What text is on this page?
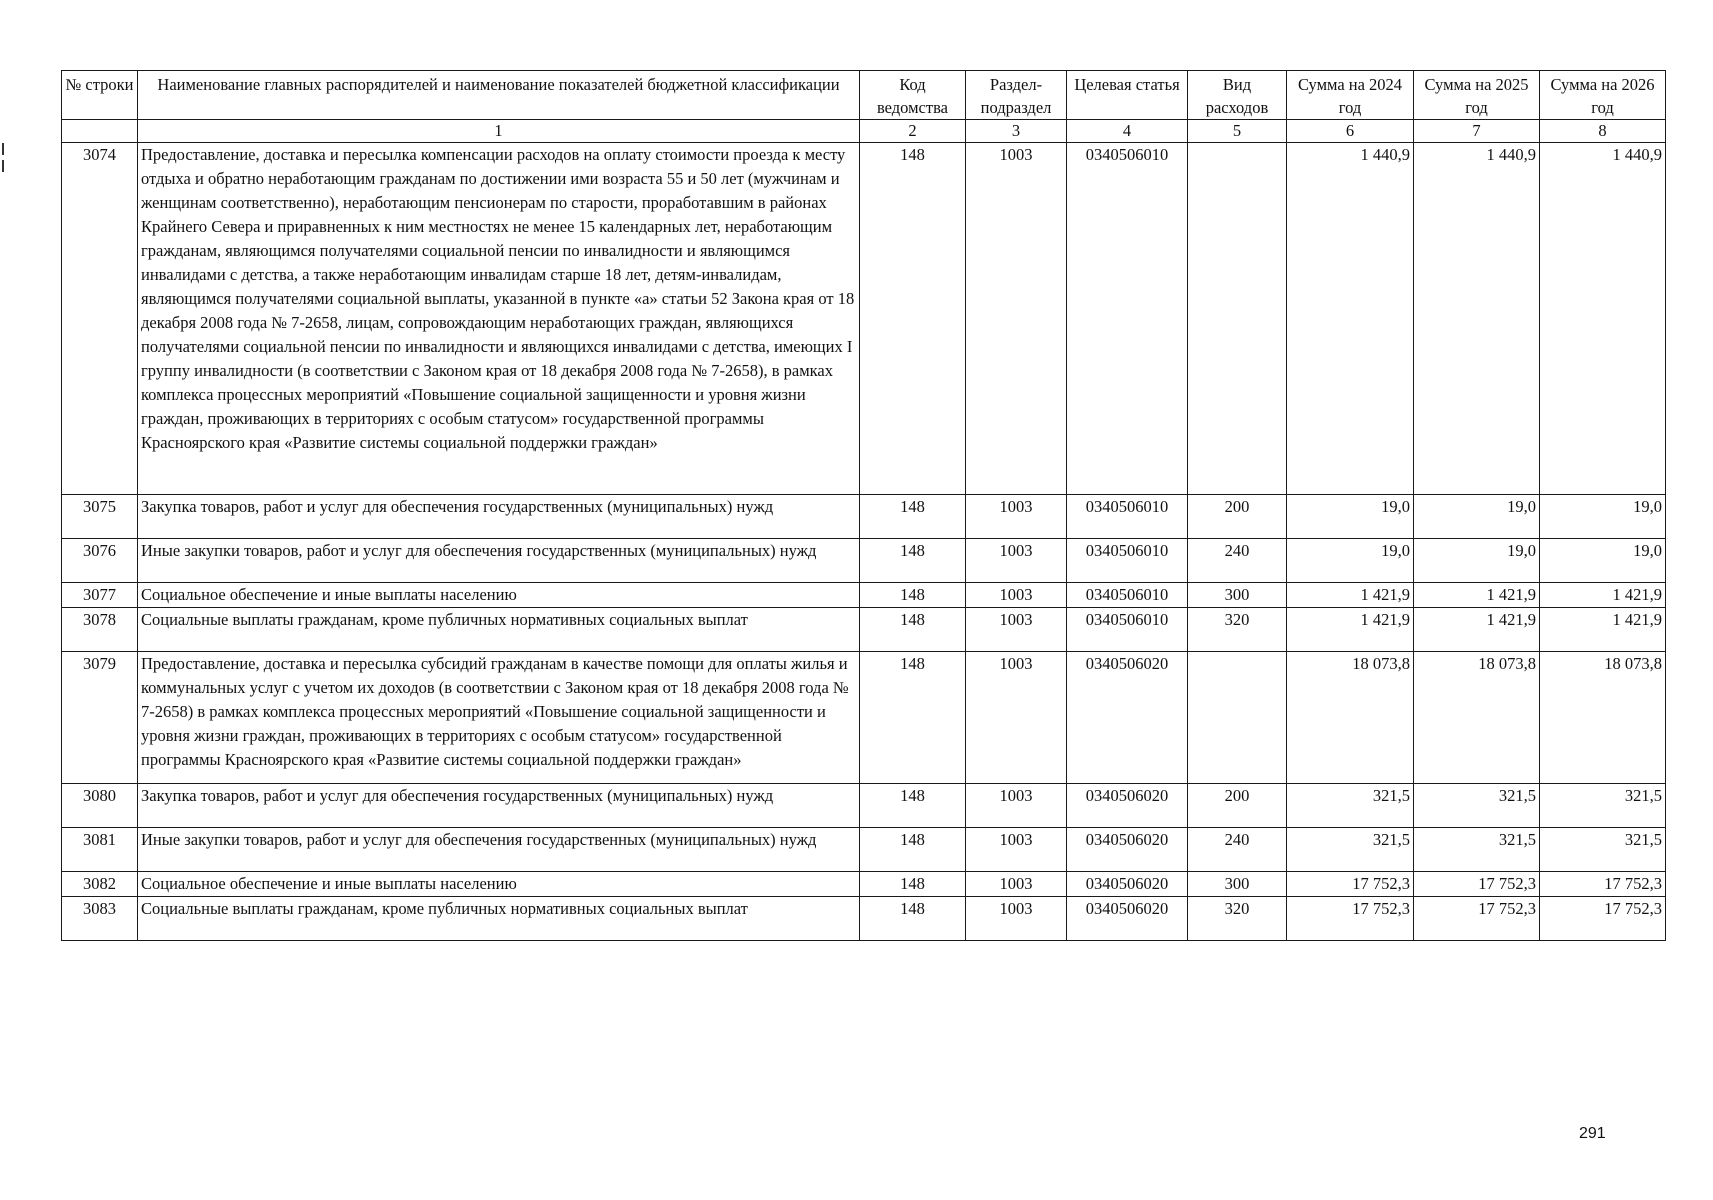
№ строки	Наименование главных распорядителей и наименование показателей бюджетной классификации	Код ведомства	Раздел-подраздел	Целевая статья	Вид расходов	Сумма на 2024 год	Сумма на 2025 год	Сумма на 2026 год
	1	2	3	4	5	6	7	8
3074	Предоставление, доставка и пересылка компенсации расходов на оплату стоимости проезда к месту отдыха и обратно неработающим гражданам по достижении ими возраста 55 и 50 лет (мужчинам и женщинам соответственно), неработающим пенсионерам по старости, проработавшим в районах Крайнего Севера и приравненных к ним местностях не менее 15 календарных лет, неработающим гражданам, являющимся получателями социальной пенсии по инвалидности и являющимся инвалидами с детства, а также неработающим инвалидам старше 18 лет, детям-инвалидам, являющимся получателями социальной выплаты, указанной в пункте «а» статьи 52 Закона края от 18 декабря 2008 года № 7-2658, лицам, сопровождающим неработающих граждан, являющихся получателями социальной пенсии по инвалидности и являющихся инвалидами с детства, имеющих I группу инвалидности (в соответствии с Законом края от 18 декабря 2008 года № 7-2658), в рамках комплекса процессных мероприятий «Повышение социальной защищенности и уровня жизни граждан, проживающих в территориях с особым статусом» государственной программы Красноярского края «Развитие системы социальной поддержки граждан»	148	1003	0340506010		1 440,9	1 440,9	1 440,9
3075	Закупка товаров, работ и услуг для обеспечения государственных (муниципальных) нужд	148	1003	0340506010	200	19,0	19,0	19,0
3076	Иные закупки товаров, работ и услуг для обеспечения государственных (муниципальных) нужд	148	1003	0340506010	240	19,0	19,0	19,0
3077	Социальное обеспечение и иные выплаты населению	148	1003	0340506010	300	1 421,9	1 421,9	1 421,9
3078	Социальные выплаты гражданам, кроме публичных нормативных социальных выплат	148	1003	0340506010	320	1 421,9	1 421,9	1 421,9
3079	Предоставление, доставка и пересылка субсидий гражданам в качестве помощи для оплаты жилья и коммунальных услуг с учетом их доходов (в соответствии с Законом края от 18 декабря 2008 года № 7-2658) в рамках комплекса процессных мероприятий «Повышение социальной защищенности и уровня жизни граждан, проживающих в территориях с особым статусом» государственной программы Красноярского края «Развитие системы социальной поддержки граждан»	148	1003	0340506020		18 073,8	18 073,8	18 073,8
3080	Закупка товаров, работ и услуг для обеспечения государственных (муниципальных) нужд	148	1003	0340506020	200	321,5	321,5	321,5
3081	Иные закупки товаров, работ и услуг для обеспечения государственных (муниципальных) нужд	148	1003	0340506020	240	321,5	321,5	321,5
3082	Социальное обеспечение и иные выплаты населению	148	1003	0340506020	300	17 752,3	17 752,3	17 752,3
3083	Социальные выплаты гражданам, кроме публичных нормативных социальных выплат	148	1003	0340506020	320	17 752,3	17 752,3	17 752,3
291
